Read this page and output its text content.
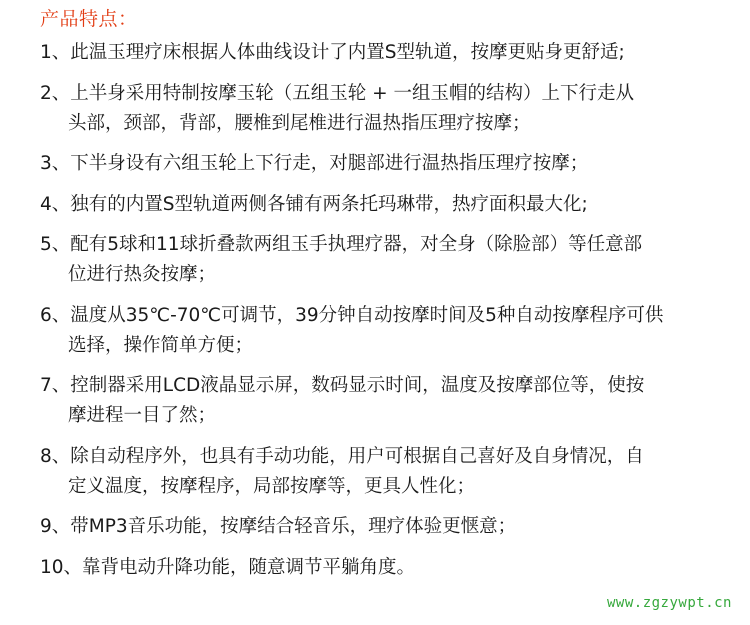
产品特点：
1、此温玉理疗床根据人体曲线设计了内置S型轨道，按摩更贴身更舒适;
2、上半身采用特制按摩玉轮（五组玉轮 + 一组玉帽的结构）上下行走从
头部，颈部，背部，腰椎到尾椎进行温热指压理疗按摩；
3、下半身设有六组玉轮上下行走，对腿部进行温热指压理疗按摩；
4、独有的内置S型轨道两侧各铺有两条托玛琳带，热疗面积最大化;
5、配有5球和11球折叠款两组玉手执理疗器，对全身（除脸部）等任意部
位进行热灸按摩；
6、温度从35℃-70℃可调节，39分钟自动按摩时间及5种自动按摩程序可供
选择，操作简单方便；
7、控制器采用LCD液晶显示屏，数码显示时间，温度及按摩部位等，使按
摩进程一目了然；
8、除自动程序外，也具有手动功能，用户可根据自己喜好及自身情况，自
定义温度，按摩程序，局部按摩等，更具人性化；
9、带MP3音乐功能，按摩结合轻音乐，理疗体验更惬意；
10、靠背电动升降功能，随意调节平躺角度。
www.zgzywpt.cn
